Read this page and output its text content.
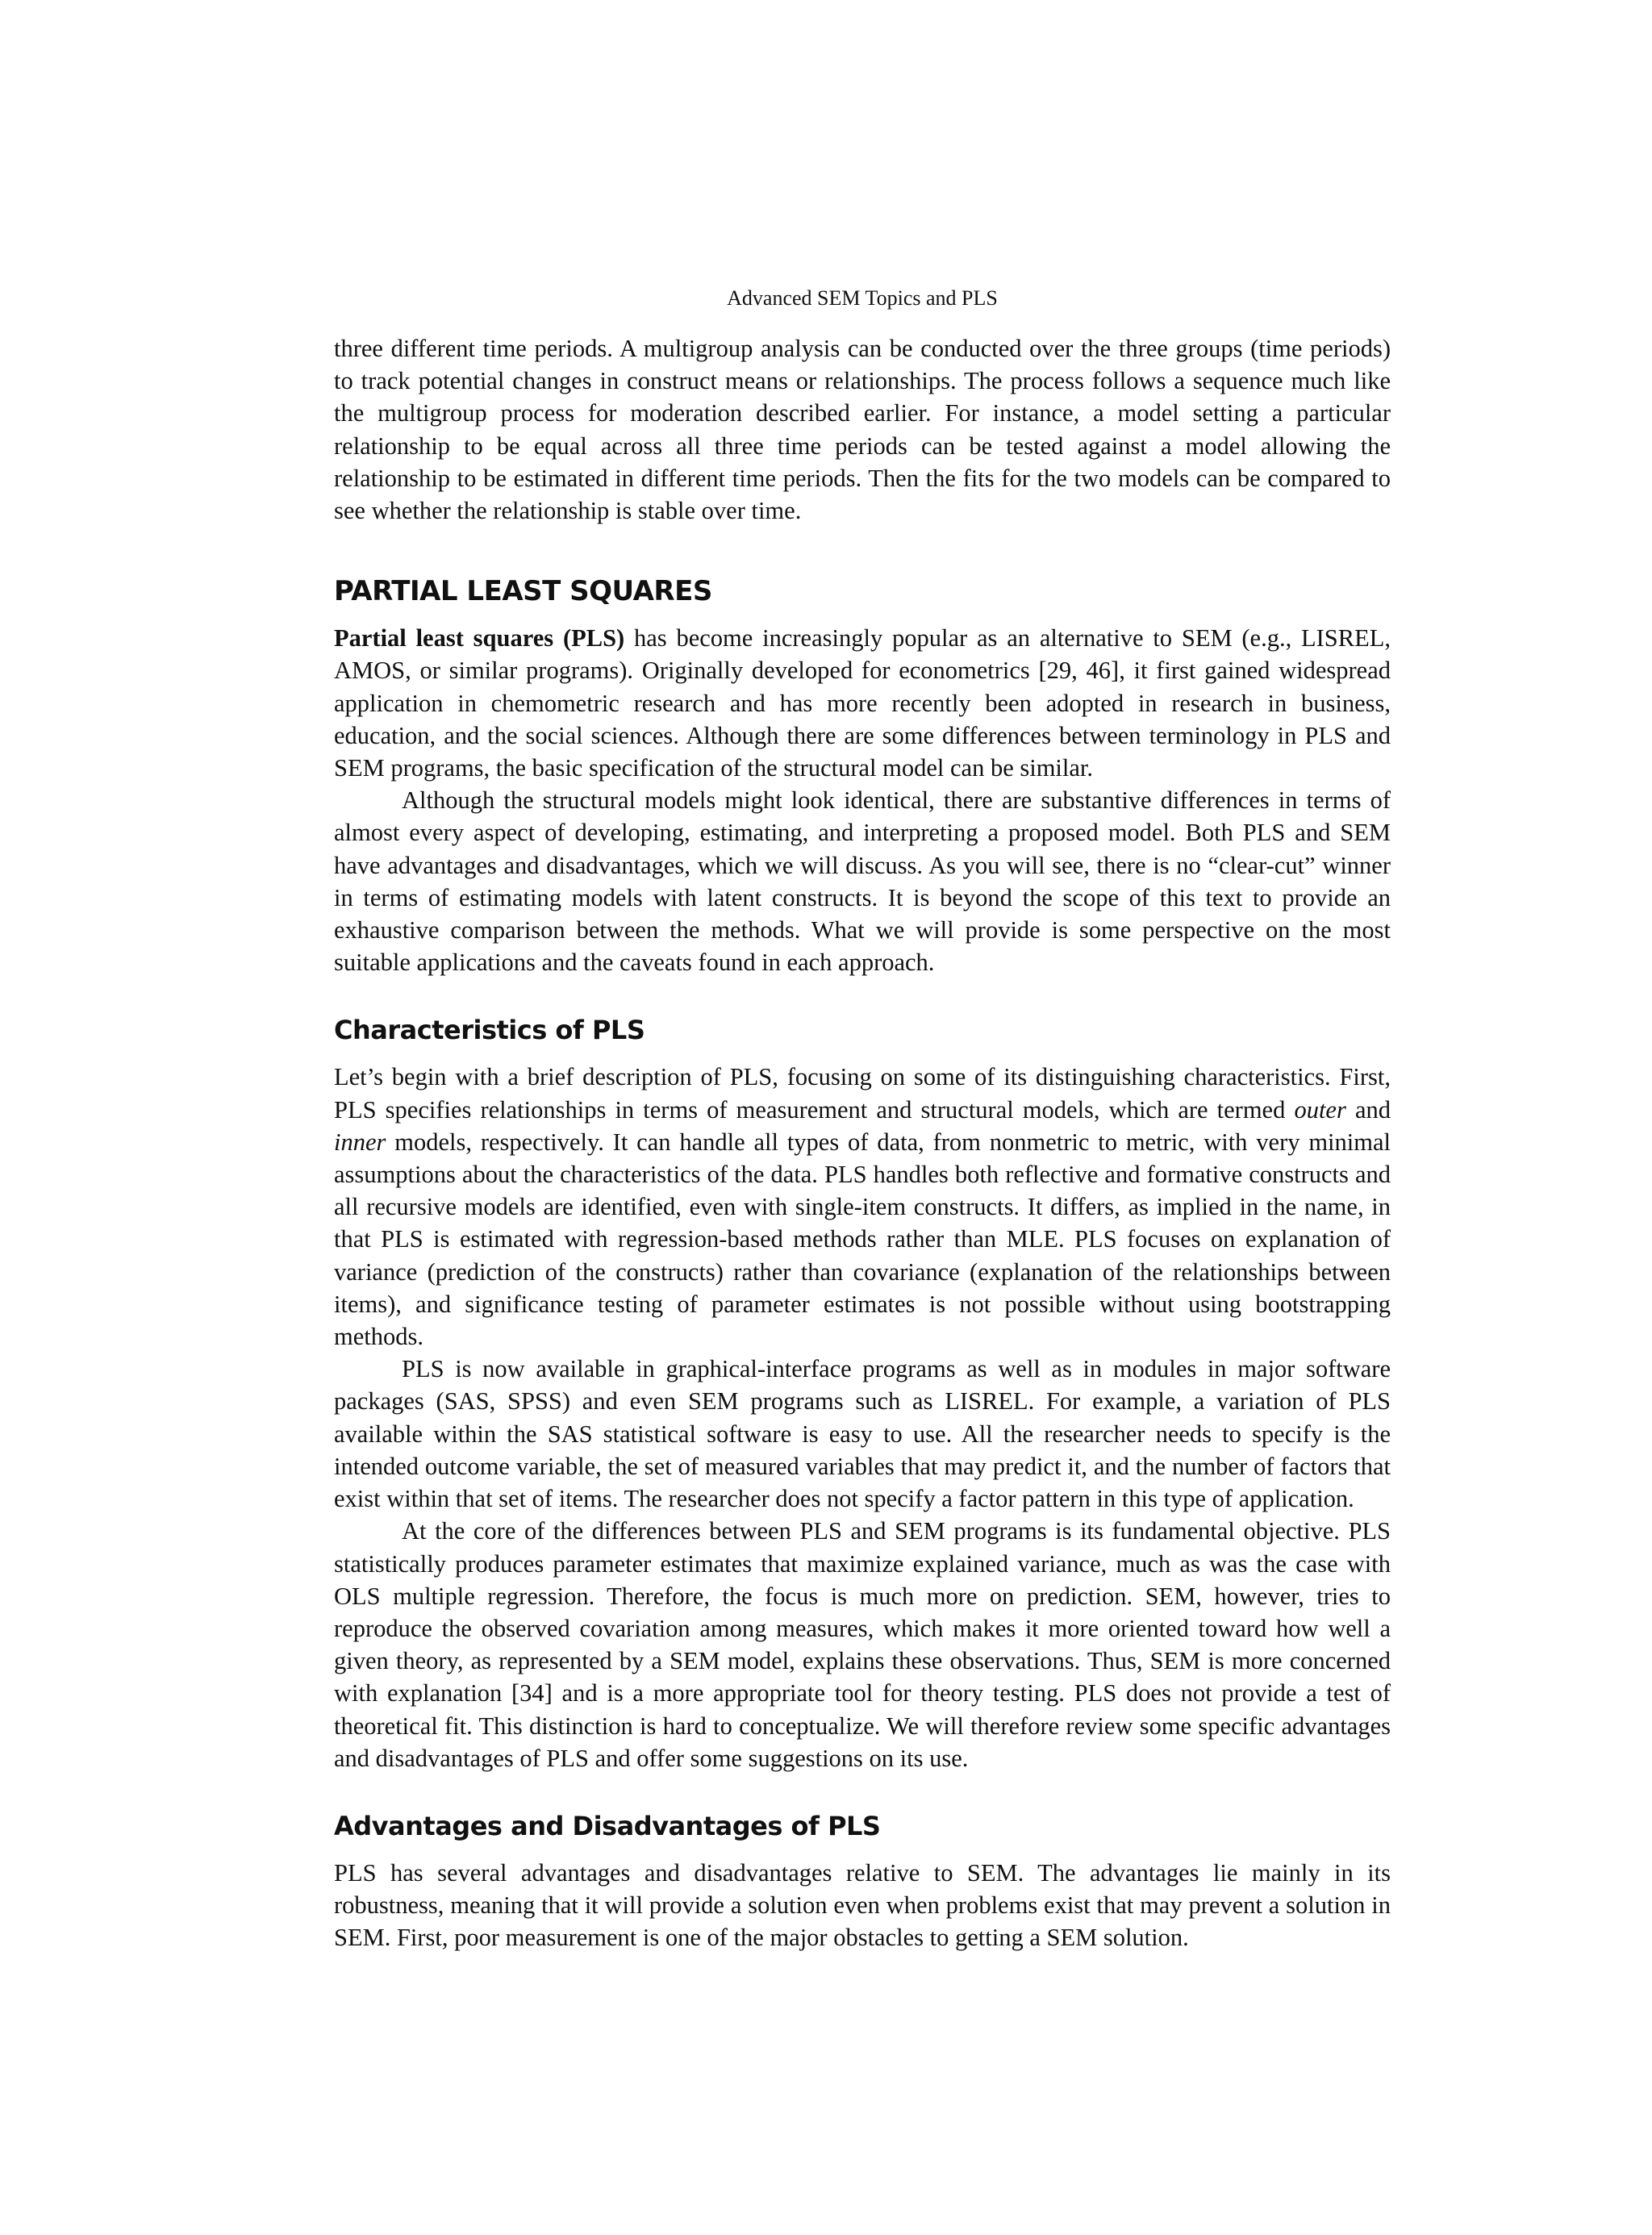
Advanced SEM Topics and PLS

three different time periods. A multigroup analysis can be conducted over the three groups (time periods) to track potential changes in construct means or relationships. The process follows a sequence much like the multigroup process for moderation described earlier. For instance, a model setting a particular relationship to be equal across all three time periods can be tested against a model allowing the relationship to be estimated in different time periods. Then the fits for the two models can be compared to see whether the relationship is stable over time.

PARTIAL LEAST SQUARES

Partial least squares (PLS) has become increasingly popular as an alternative to SEM (e.g., LISREL, AMOS, or similar programs). Originally developed for econometrics [29, 46], it first gained widespread application in chemometric research and has more recently been adopted in research in business, education, and the social sciences. Although there are some differences between terminology in PLS and SEM programs, the basic specification of the structural model can be similar.

Although the structural models might look identical, there are substantive differences in terms of almost every aspect of developing, estimating, and interpreting a proposed model. Both PLS and SEM have advantages and disadvantages, which we will discuss. As you will see, there is no “clear-cut” winner in terms of estimating models with latent constructs. It is beyond the scope of this text to provide an exhaustive comparison between the methods. What we will provide is some perspective on the most suitable applications and the caveats found in each approach.

Characteristics of PLS

Let’s begin with a brief description of PLS, focusing on some of its distinguishing characteristics. First, PLS specifies relationships in terms of measurement and structural models, which are termed outer and inner models, respectively. It can handle all types of data, from nonmetric to metric, with very minimal assumptions about the characteristics of the data. PLS handles both reflective and formative constructs and all recursive models are identified, even with single-item constructs. It differs, as implied in the name, in that PLS is estimated with regression-based methods rather than MLE. PLS focuses on explanation of variance (prediction of the constructs) rather than covariance (explanation of the relationships between items), and significance testing of parameter estimates is not possible without using bootstrapping methods.

PLS is now available in graphical-interface programs as well as in modules in major software packages (SAS, SPSS) and even SEM programs such as LISREL. For example, a variation of PLS available within the SAS statistical software is easy to use. All the researcher needs to specify is the intended outcome variable, the set of measured variables that may predict it, and the number of factors that exist within that set of items. The researcher does not specify a factor pattern in this type of application.

At the core of the differences between PLS and SEM programs is its fundamental objective. PLS statistically produces parameter estimates that maximize explained variance, much as was the case with OLS multiple regression. Therefore, the focus is much more on prediction. SEM, however, tries to reproduce the observed covariation among measures, which makes it more oriented toward how well a given theory, as represented by a SEM model, explains these observations. Thus, SEM is more concerned with explanation [34] and is a more appropriate tool for theory testing. PLS does not provide a test of theoretical fit. This distinction is hard to conceptualize. We will therefore review some specific advantages and disadvantages of PLS and offer some suggestions on its use.

Advantages and Disadvantages of PLS

PLS has several advantages and disadvantages relative to SEM. The advantages lie mainly in its robustness, meaning that it will provide a solution even when problems exist that may prevent a solution in SEM. First, poor measurement is one of the major obstacles to getting a SEM solution.
